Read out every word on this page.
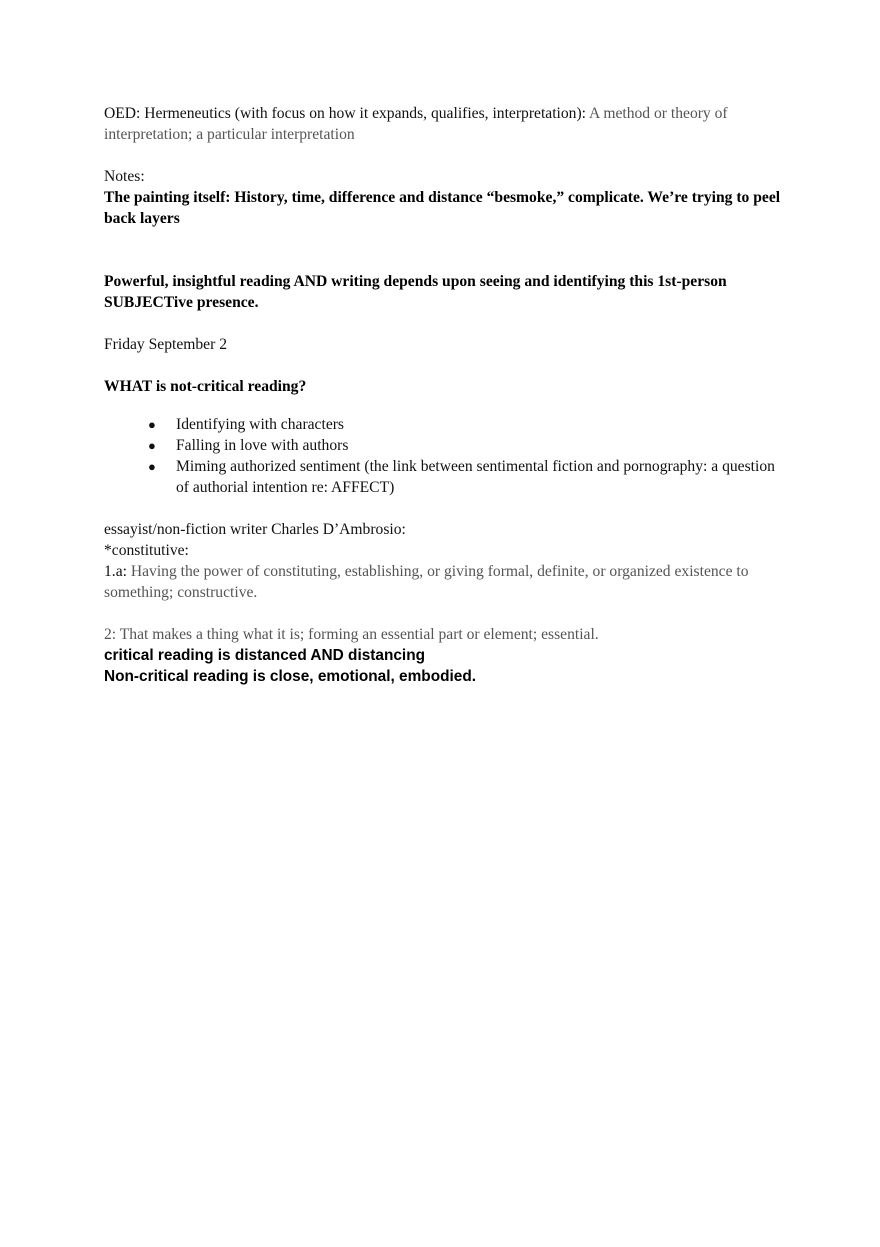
OED: Hermeneutics (with focus on how it expands, qualifies, interpretation): A method or theory of interpretation; a particular interpretation

Notes:

The painting itself: History, time, difference and distance “besmoke,” complicate. We’re trying to peel back layers

Powerful, insightful reading AND writing depends upon seeing and identifying this 1st-person SUBJECTive presence.

Friday September 2

WHAT is not-critical reading?

● Identifying with characters
● Falling in love with authors
● Miming authorized sentiment (the link between sentimental fiction and pornography: a question of authorial intention re: AFFECT)

essayist/non-fiction writer Charles D’Ambrosio:

*constitutive:

1.a: Having the power of constituting, establishing, or giving formal, definite, or organized existence to something; constructive.

2: That makes a thing what it is; forming an essential part or element; essential.

critical reading is distanced AND distancing

Non-critical reading is close, emotional, embodied.
